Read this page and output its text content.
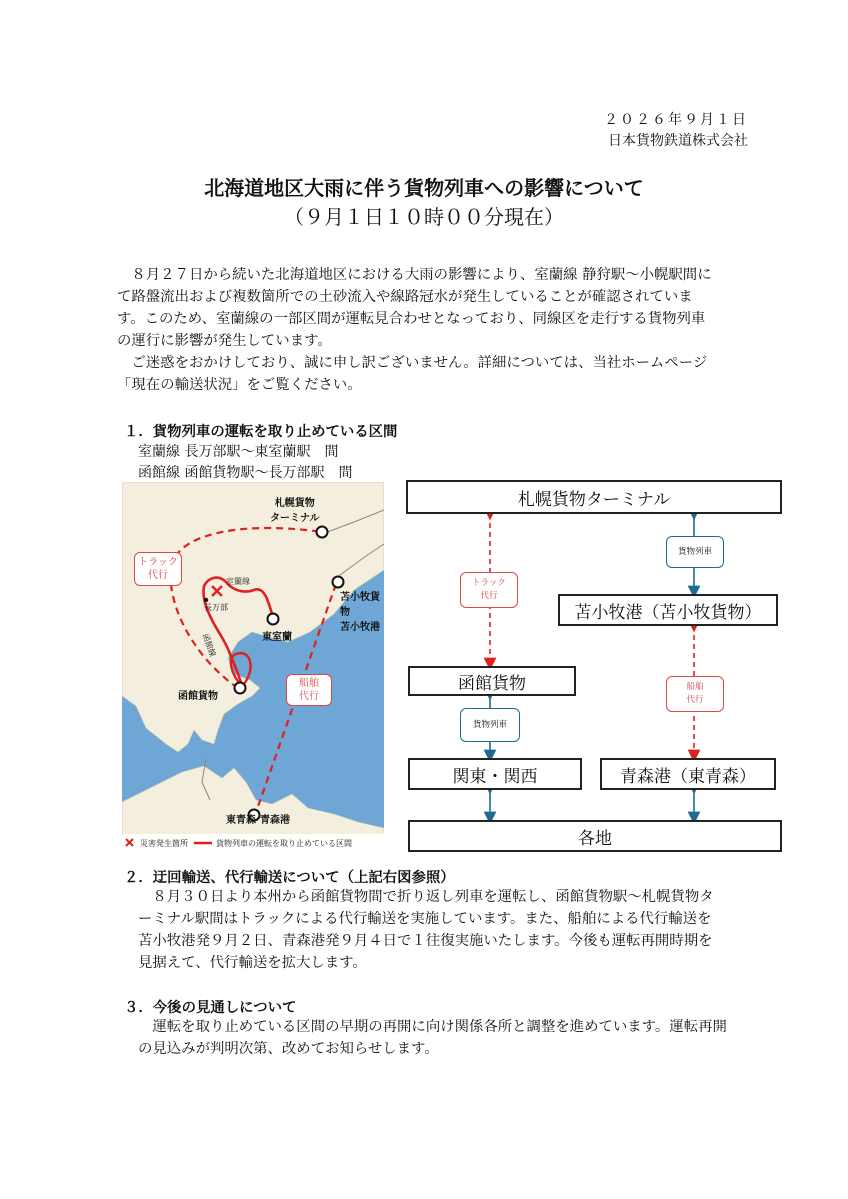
２０２６年９月１日
日本貨物鉄道株式会社
北海道地区大雨に伴う貨物列車への影響について
（９月１日１０時００分現在）
　８月２７日から続いた北海道地区における大雨の影響により、室蘭線 静狩駅～小幌駅間に
て路盤流出および複数箇所での土砂流入や線路冠水が発生していることが確認されていま
す。このため、室蘭線の一部区間が運転見合わせとなっており、同線区を走行する貨物列車
の運行に影響が発生しています。
　ご迷惑をおかけしており、誠に申し訳ございません。詳細については、当社ホームページ
「現在の輸送状況」をご覧ください。
１．貨物列車の運転を取り止めている区間
室蘭線 長万部駅～東室蘭駅　間
函館線 函館貨物駅～長万部駅　間
札幌貨物
ターミナル
苫小牧貨物
苫小牧港
長万部
東室蘭
函館貨物
東青森 青森港
室蘭線
函館線
トラック
代行
船舶
代行
災害発生箇所	貨物列車の運転を取り止めている区間
札幌貨物ターミナル
苫小牧港（苫小牧貨物）
函館貨物
関東・関西	青森港（東青森）
各地
トラック
代行
貨物列車
船舶
代行
貨物列車
２．迂回輸送、代行輸送について（上記右図参照）
　８月３０日より本州から函館貨物間で折り返し列車を運転し、函館貨物駅～札幌貨物タ
ーミナル駅間はトラックによる代行輸送を実施しています。また、船舶による代行輸送を
苫小牧港発９月２日、青森港発９月４日で１往復実施いたします。今後も運転再開時期を
見据えて、代行輸送を拡大します。
３．今後の見通しについて
　運転を取り止めている区間の早期の再開に向け関係各所と調整を進めています。運転再開
の見込みが判明次第、改めてお知らせします。
